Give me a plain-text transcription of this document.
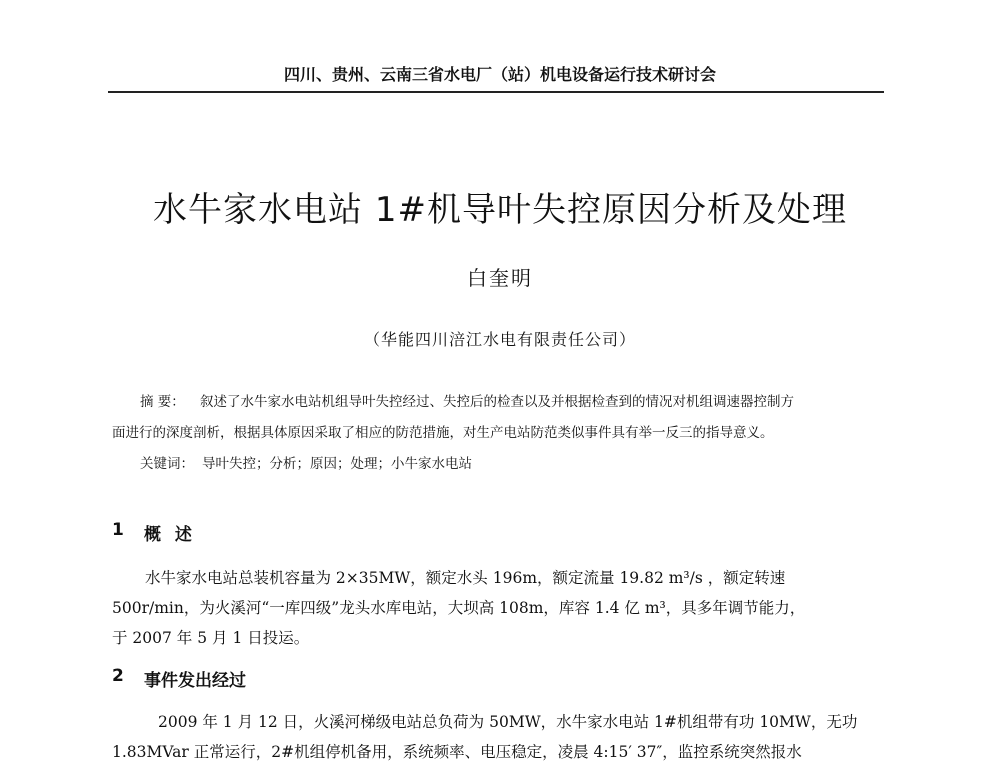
四川、贵州、云南三省水电厂（站）机电设备运行技术研讨会
水牛家水电站 1#机导叶失控原因分析及处理
白奎明
（华能四川涪江水电有限责任公司）
摘 要： 叙述了水牛家水电站机组导叶失控经过、失控后的检查以及并根据检查到的情况对机组调速器控制方
面进行的深度剖析，根据具体原因采取了相应的防范措施，对生产电站防范类似事件具有举一反三的指导意义。
关键词： 导叶失控；分析；原因；处理；小牛家水电站
1 概 述
水牛家水电站总装机容量为 2×35MW，额定水头 196m，额定流量 19.82 m³/s ，额定转速
500r/min，为火溪河“一库四级”龙头水库电站，大坝高 108m，库容 1.4 亿 m³，具多年调节能力，
于 2007 年 5 月 1 日投运。
2 事件发出经过
2009 年 1 月 12 日，火溪河梯级电站总负荷为 50MW，水牛家水电站 1#机组带有功 10MW，无功
1.83MVar 正常运行，2#机组停机备用，系统频率、电压稳定，凌晨 4:15′ 37″，监控系统突然报水
